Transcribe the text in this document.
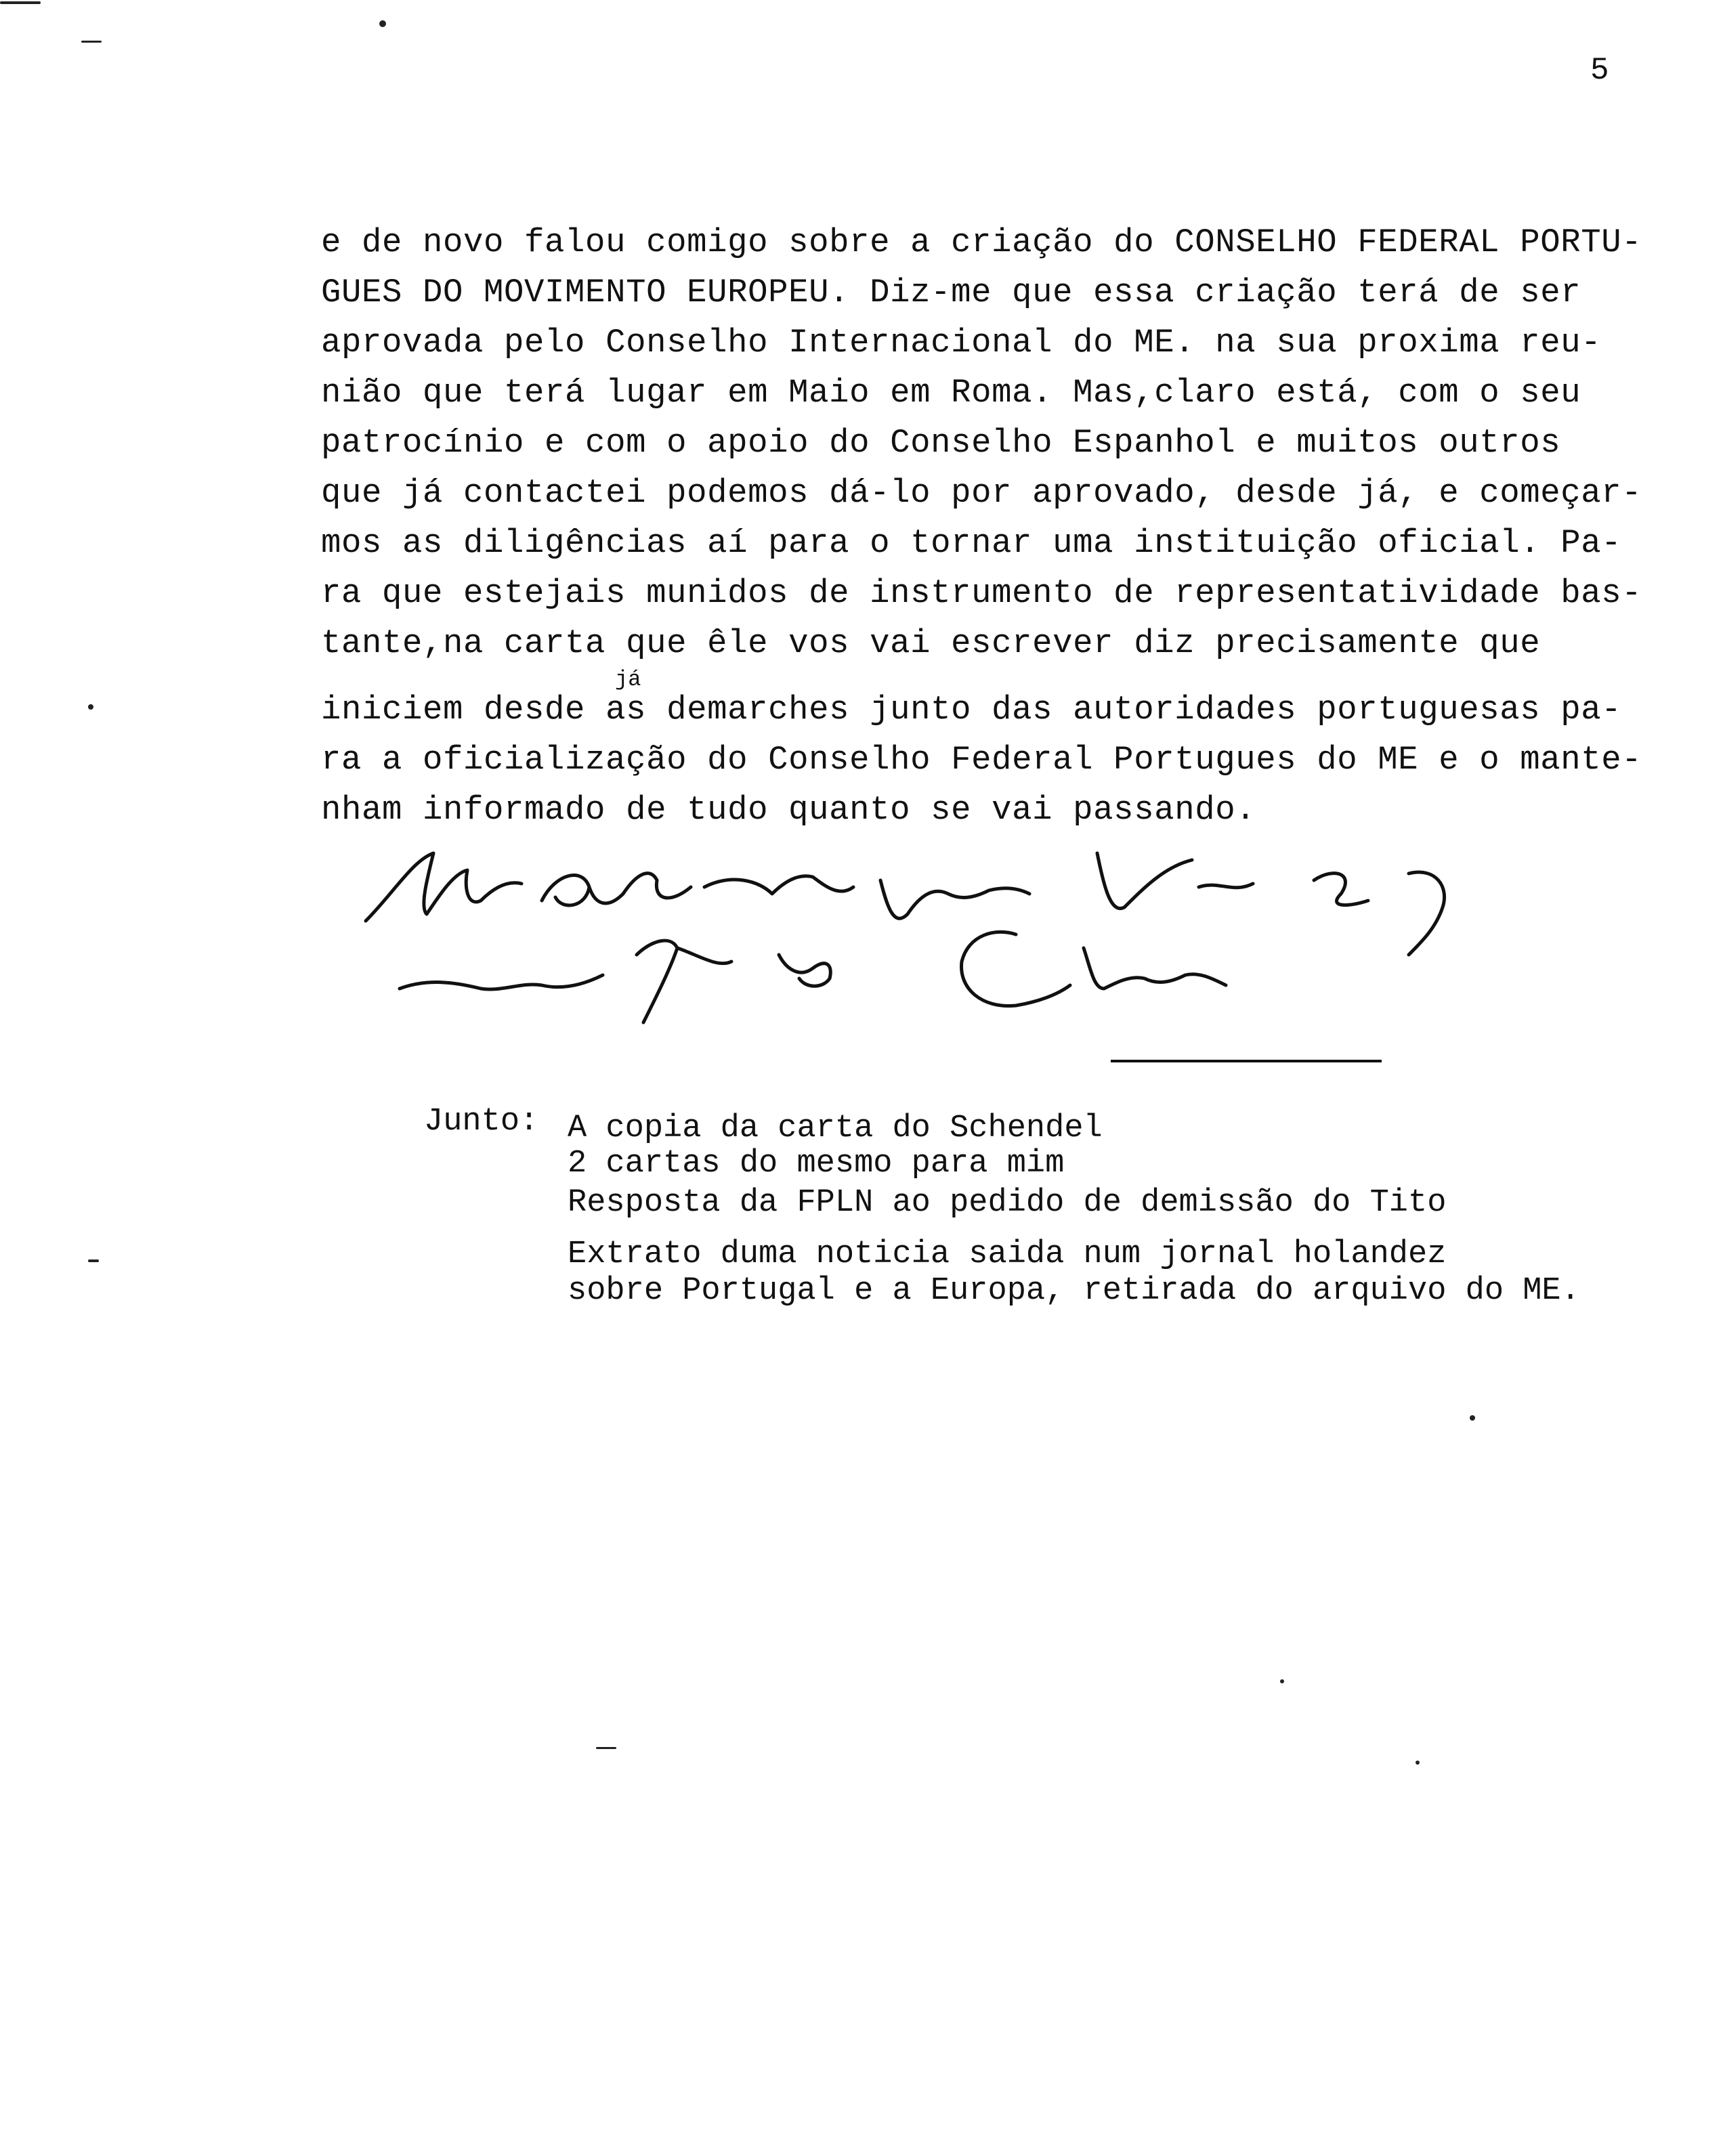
5
e de novo falou comigo sobre a criação do CONSELHO FEDERAL PORTU-
GUES DO MOVIMENTO EUROPEU. Diz-me que essa criação terá de ser
aprovada pelo Conselho Internacional do ME. na sua proxima reu-
nião que terá lugar em Maio em Roma. Mas,claro está, com o seu
patrocínio e com o apoio do Conselho Espanhol e muitos outros
que já contactei podemos dá-lo por aprovado, desde já, e começar-
mos as diligências aí para o tornar uma instituição oficial. Pa-
ra que estejais munidos de instrumento de representatividade bas-
tante,na carta que êle vos vai escrever diz precisamente que
iniciem desde as demarches junto das autoridades portuguesas pa-
ra a oficialização do Conselho Federal Portugues do ME e o mante-
nham informado de tudo quanto se vai passando.
já
Junto: A copia da carta do Schendel
2 cartas do mesmo para mim
Resposta da FPLN ao pedido de demissão do Tito
Extrato duma noticia saida num jornal holandez
sobre Portugal e a Europa, retirada do arquivo do ME.
